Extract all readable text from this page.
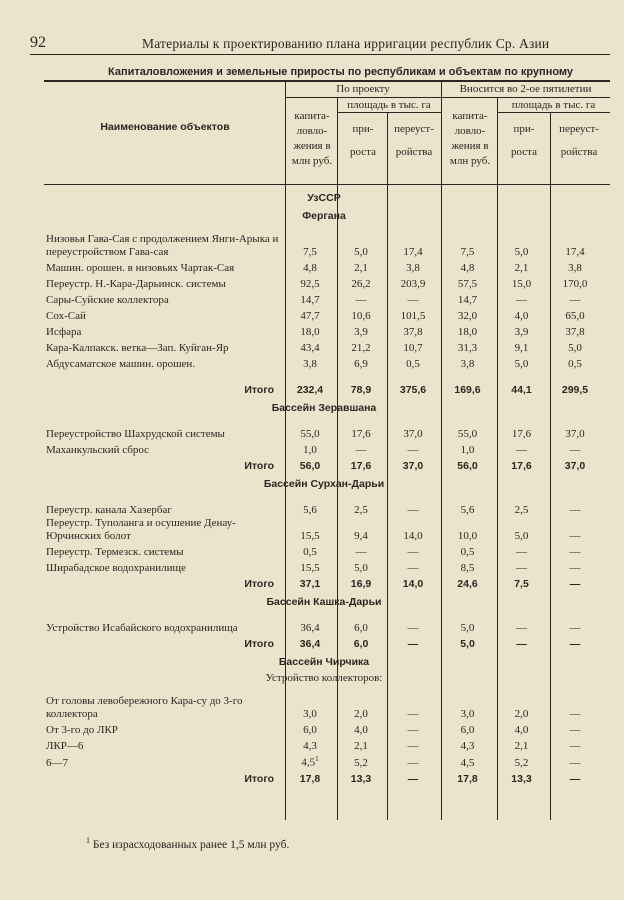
92	Материалы к проектированию плана ирригации республик Ср. Азии
Капиталовложения и земельные приросты по республикам и объектам по крупному
Наименование объектов
По проекту	Вносится во 2-ое пятилетии
капита- ловло- жения в млн руб.
площадь в тыс. га
при- роста
переуст- ройства
капита- ловло- жения в млн руб.
площадь в тыс. га
при- роста
переуст- ройства
УзССР						
Фергана						

Низовья Гава-Сая с продолжением Янги-Арыка и переустройством Гава-сая	7,5	5,0	17,4	7,5	5,0	17,4
Машин. орошен. в низовьях Чартак-Сая	4,8	2,1	3,8	4,8	2,1	3,8
Переустр. Н.-Кара-Дарьинск. системы	92,5	26,2	203,9	57,5	15,0	170,0
Сары-Суйские коллектора	14,7	—	—	14,7	—	—
Сох-Сай	47,7	10,6	101,5	32,0	4,0	65,0
Исфара	18,0	3,9	37,8	18,0	3,9	37,8
Кара-Калпакск. ветка—Зап. Куйган-Яр	43,4	21,2	10,7	31,3	9,1	5,0
Абдусаматское машин. орошен.	3,8	6,9	0,5	3,8	5,0	0,5

Итого	232,4	78,9	375,6	169,6	44,1	299,5
Бассейн Зеравшана						

Переустройство Шахрудской системы	55,0	17,6	37,0	55,0	17,6	37,0
Маханкульский сброс	1,0	—	—	1,0	—	—
Итого	56,0	17,6	37,0	56,0	17,6	37,0
Бассейн Сурхан-Дарьи						

Переустр. канала Хазербаг	5,6	2,5	—	5,6	2,5	—
Переустр. Туполанга и осушение Денау-Юрчинских болот	15,5	9,4	14,0	10,0	5,0	—
Переустр. Термезск. системы	0,5	—	—	0,5	—	—
Ширабадское водохранилище	15,5	5,0	—	8,5	—	—
Итого	37,1	16,9	14,0	24,6	7,5	—
Бассейн Кашка-Дарьи						

Устройство Исабайского водохранилища	36,4	6,0	—	5,0	—	—
Итого	36,4	6,0	—	5,0	—	—
Бассейн Чирчика						
Устройство коллекторов:						

От головы левобережного Кара-су до 3-го коллектора	3,0	2,0	—	3,0	2,0	—
От 3-го до ЛКР	6,0	4,0	—	6,0	4,0	—
ЛКР—6	4,3	2,1	—	4,3	2,1	—
6—7	$4,5^1$	5,2	—	4,5	5,2	—
Итого	17,8	13,3	—	17,8	13,3	—
$^1$ Без израсходованных ранее 1,5 млн руб.
